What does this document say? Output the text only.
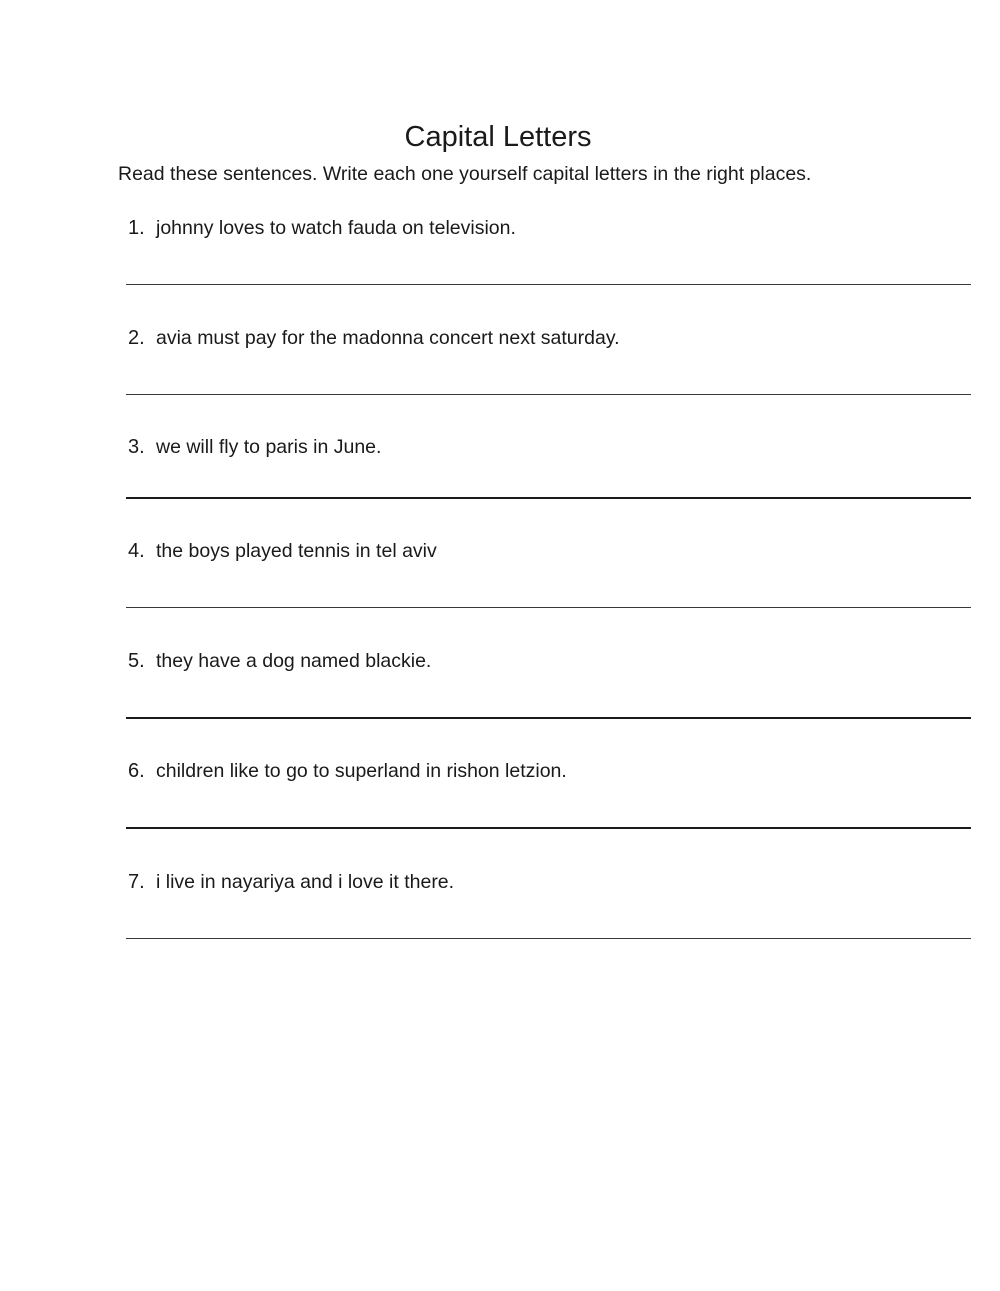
Capital Letters
Read these sentences. Write each one yourself capital letters in the right places.
1. johnny loves to watch fauda on television.
2. avia must pay for the madonna concert next saturday.
3. we will fly to paris in June.
4. the boys played tennis in tel aviv
5. they have a dog named blackie.
6. children like to go to superland in rishon letzion.
7. i live in nayariya and i love it there.
